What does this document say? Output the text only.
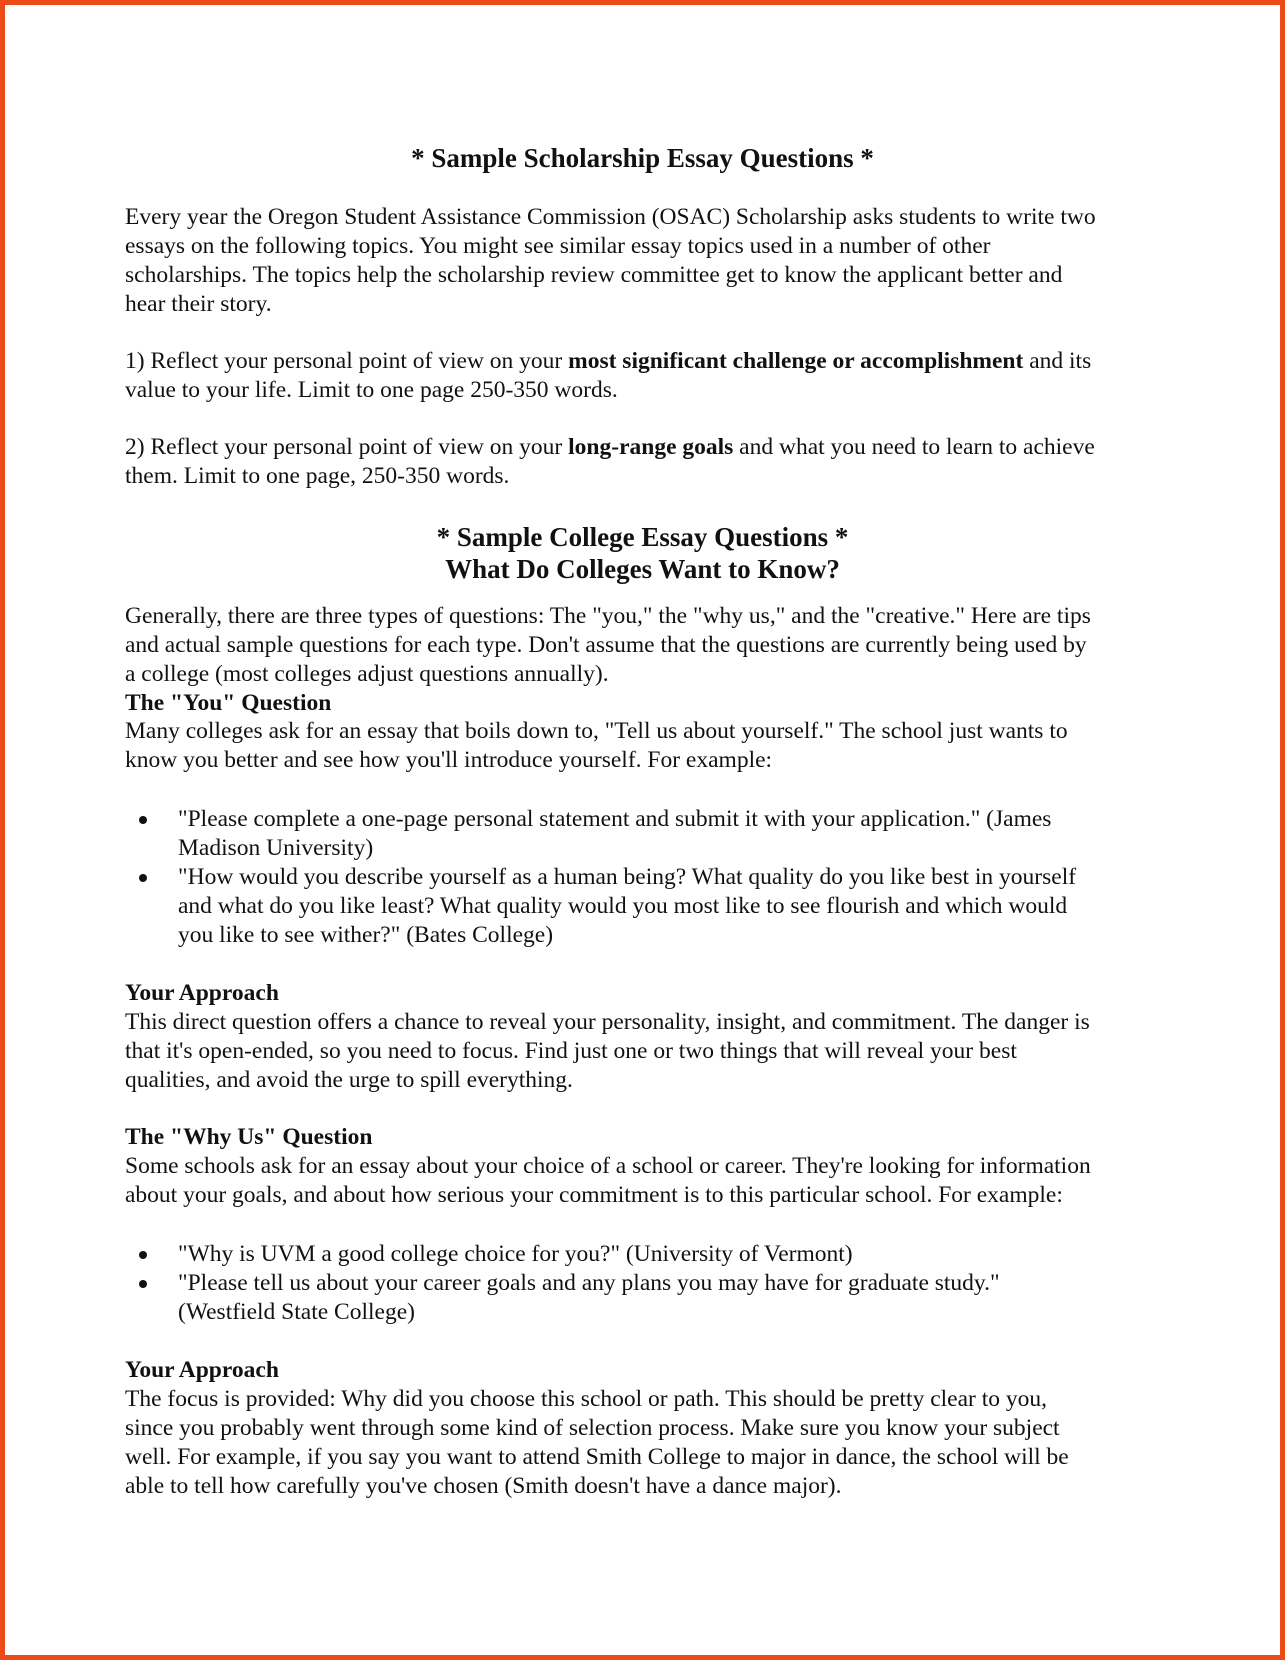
* Sample Scholarship Essay Questions *
Every year the Oregon Student Assistance Commission (OSAC) Scholarship asks students to write two
essays on the following topics. You might see similar essay topics used in a number of other
scholarships. The topics help the scholarship review committee get to know the applicant better and
hear their story.
1) Reflect your personal point of view on your most significant challenge or accomplishment and its
value to your life. Limit to one page 250-350 words.
2) Reflect your personal point of view on your long-range goals and what you need to learn to achieve
them. Limit to one page, 250-350 words.
* Sample College Essay Questions *
What Do Colleges Want to Know?
Generally, there are three types of questions: The "you," the "why us," and the "creative." Here are tips
and actual sample questions for each type. Don't assume that the questions are currently being used by
a college (most colleges adjust questions annually).
The "You" Question
Many colleges ask for an essay that boils down to, "Tell us about yourself." The school just wants to
know you better and see how you'll introduce yourself. For example:
"Please complete a one-page personal statement and submit it with your application." (James
Madison University)
"How would you describe yourself as a human being? What quality do you like best in yourself
and what do you like least? What quality would you most like to see flourish and which would
you like to see wither?" (Bates College)
Your Approach
This direct question offers a chance to reveal your personality, insight, and commitment. The danger is
that it's open-ended, so you need to focus. Find just one or two things that will reveal your best
qualities, and avoid the urge to spill everything.
The "Why Us" Question
Some schools ask for an essay about your choice of a school or career. They're looking for information
about your goals, and about how serious your commitment is to this particular school. For example:
"Why is UVM a good college choice for you?" (University of Vermont)
"Please tell us about your career goals and any plans you may have for graduate study."
(Westfield State College)
Your Approach
The focus is provided: Why did you choose this school or path. This should be pretty clear to you,
since you probably went through some kind of selection process. Make sure you know your subject
well. For example, if you say you want to attend Smith College to major in dance, the school will be
able to tell how carefully you've chosen (Smith doesn't have a dance major).
